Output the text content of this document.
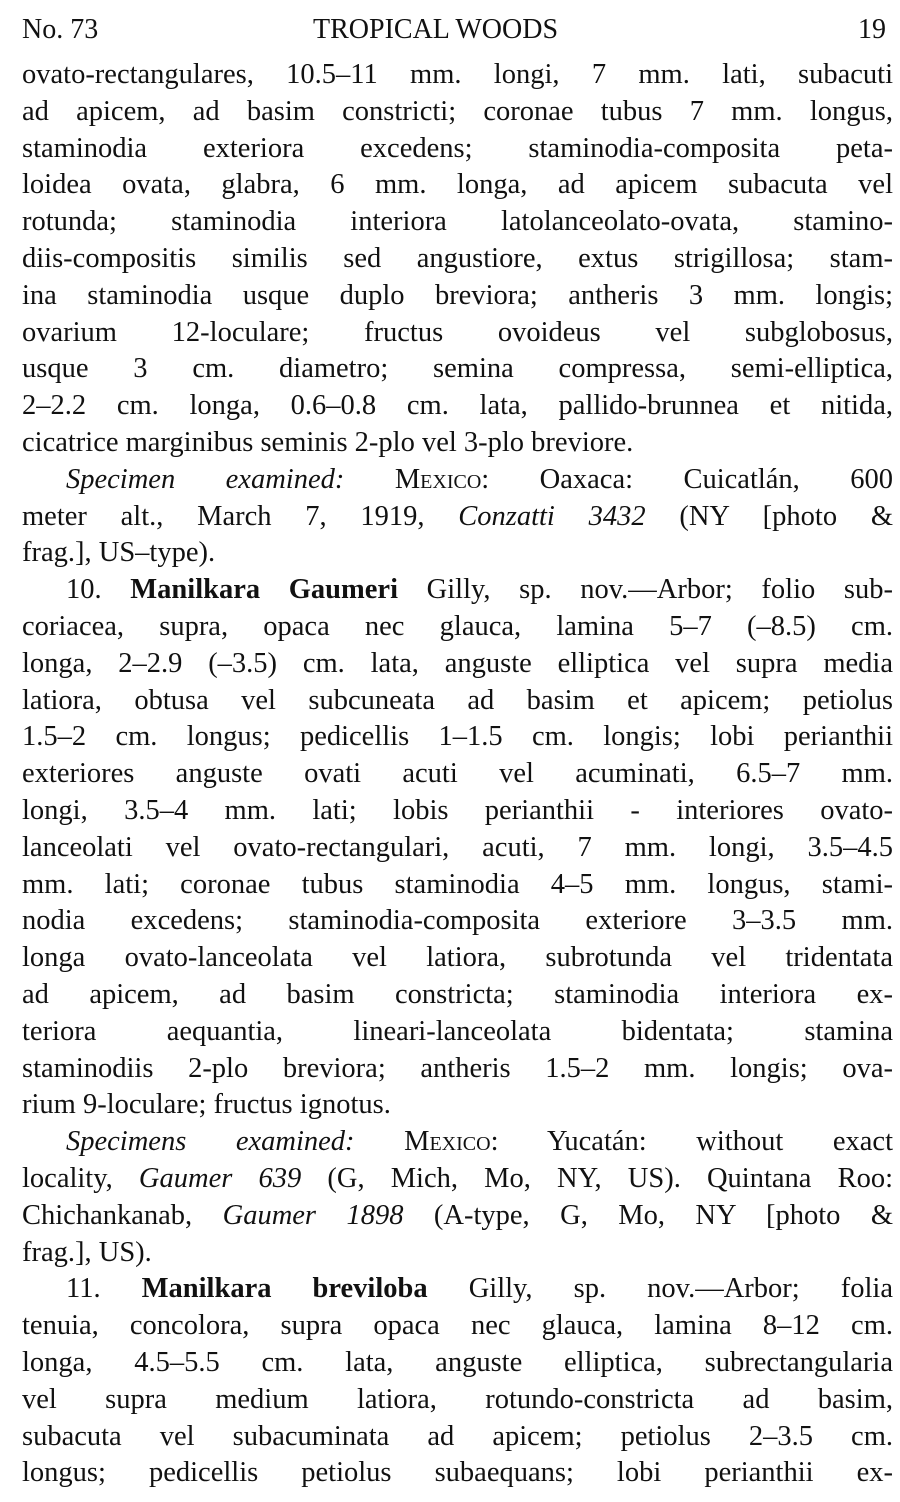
No. 73	TROPICAL WOODS	19
ovato-rectangulares, 10.5–11 mm. longi, 7 mm. lati, subacuti
ad apicem, ad basim constricti; coronae tubus 7 mm. longus,
staminodia exteriora excedens; staminodia-composita peta-
loidea ovata, glabra, 6 mm. longa, ad apicem subacuta vel
rotunda; staminodia interiora latolanceolato-ovata, stamino-
diis-compositis similis sed angustiore, extus strigillosa; stam-
ina staminodia usque duplo breviora; antheris 3 mm. longis;
ovarium 12-loculare; fructus ovoideus vel subglobosus,
usque 3 cm. diametro; semina compressa, semi-elliptica,
2–2.2 cm. longa, 0.6–0.8 cm. lata, pallido-brunnea et nitida,
cicatrice marginibus seminis 2-plo vel 3-plo breviore.
Specimen examined: Mexico: Oaxaca: Cuicatlán, 600
meter alt., March 7, 1919, Conzatti 3432 (NY [photo &
frag.], US–type).
10. Manilkara Gaumeri Gilly, sp. nov.—Arbor; folio sub-
coriacea, supra, opaca nec glauca, lamina 5–7 (–8.5) cm.
longa, 2–2.9 (–3.5) cm. lata, anguste elliptica vel supra media
latiora, obtusa vel subcuneata ad basim et apicem; petiolus
1.5–2 cm. longus; pedicellis 1–1.5 cm. longis; lobi perianthii
exteriores anguste ovati acuti vel acuminati, 6.5–7 mm.
longi, 3.5–4 mm. lati; lobis perianthii - interiores ovato-
lanceolati vel ovato-rectangulari, acuti, 7 mm. longi, 3.5–4.5
mm. lati; coronae tubus staminodia 4–5 mm. longus, stami-
nodia excedens; staminodia-composita exteriore 3–3.5 mm.
longa ovato-lanceolata vel latiora, subrotunda vel tridentata
ad apicem, ad basim constricta; staminodia interiora ex-
teriora aequantia, lineari-lanceolata bidentata; stamina
staminodiis 2-plo breviora; antheris 1.5–2 mm. longis; ova-
rium 9-loculare; fructus ignotus.
Specimens examined: Mexico: Yucatán: without exact
locality, Gaumer 639 (G, Mich, Mo, NY, US). Quintana Roo:
Chichankanab, Gaumer 1898 (A-type, G, Mo, NY [photo &
frag.], US).
11. Manilkara breviloba Gilly, sp. nov.—Arbor; folia
tenuia, concolora, supra opaca nec glauca, lamina 8–12 cm.
longa, 4.5–5.5 cm. lata, anguste elliptica, subrectangularia
vel supra medium latiora, rotundo-constricta ad basim,
subacuta vel subacuminata ad apicem; petiolus 2–3.5 cm.
longus; pedicellis petiolus subaequans; lobi perianthii ex-
